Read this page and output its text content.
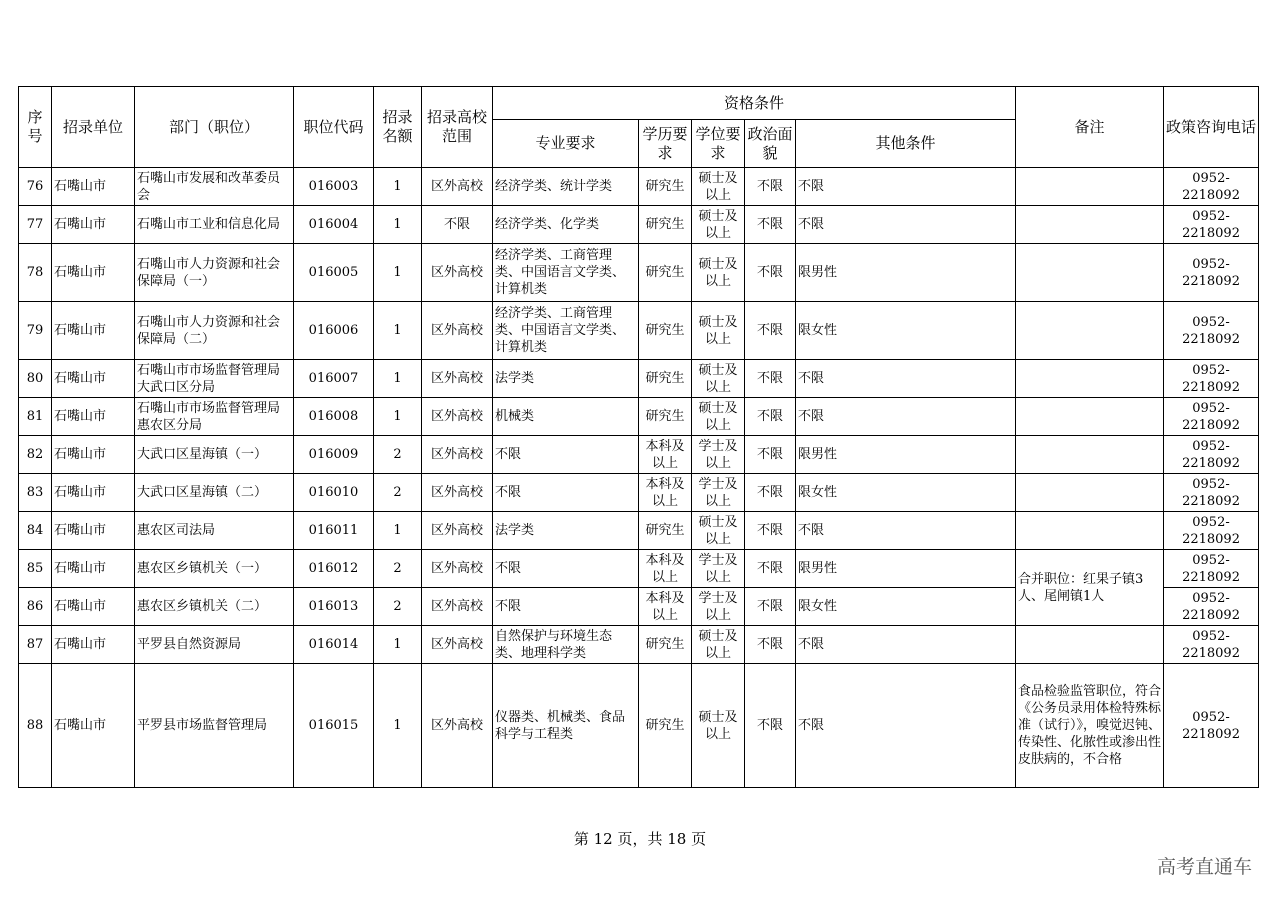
序号	招录单位	部门（职位）	职位代码	招录名额	招录高校范围	资格条件					备注	政策咨询电话
						专业要求	学历要求	学位要求	政治面貌	其他条件		
76	石嘴山市	石嘴山市发展和改革委员会	016003	1	区外高校	经济学类、统计学类	研究生	硕士及以上	不限	不限		0952-2218092
77	石嘴山市	石嘴山市工业和信息化局	016004	1	不限	经济学类、化学类	研究生	硕士及以上	不限	不限		0952-2218092
78	石嘴山市	石嘴山市人力资源和社会保障局（一）	016005	1	区外高校	经济学类、工商管理类、中国语言文学类、计算机类	研究生	硕士及以上	不限	限男性		0952-2218092
79	石嘴山市	石嘴山市人力资源和社会保障局（二）	016006	1	区外高校	经济学类、工商管理类、中国语言文学类、计算机类	研究生	硕士及以上	不限	限女性		0952-2218092
80	石嘴山市	石嘴山市市场监督管理局大武口区分局	016007	1	区外高校	法学类	研究生	硕士及以上	不限	不限		0952-2218092
81	石嘴山市	石嘴山市市场监督管理局惠农区分局	016008	1	区外高校	机械类	研究生	硕士及以上	不限	不限		0952-2218092
82	石嘴山市	大武口区星海镇（一）	016009	2	区外高校	不限	本科及以上	学士及以上	不限	限男性		0952-2218092
83	石嘴山市	大武口区星海镇（二）	016010	2	区外高校	不限	本科及以上	学士及以上	不限	限女性		0952-2218092
84	石嘴山市	惠农区司法局	016011	1	区外高校	法学类	研究生	硕士及以上	不限	不限		0952-2218092
85	石嘴山市	惠农区乡镇机关（一）	016012	2	区外高校	不限	本科及以上	学士及以上	不限	限男性	合并职位：红果子镇3人、尾闸镇1人	0952-2218092
86	石嘴山市	惠农区乡镇机关（二）	016013	2	区外高校	不限	本科及以上	学士及以上	不限	限女性		0952-2218092
87	石嘴山市	平罗县自然资源局	016014	1	区外高校	自然保护与环境生态类、地理科学类	研究生	硕士及以上	不限	不限		0952-2218092
88	石嘴山市	平罗县市场监督管理局	016015	1	区外高校	仪器类、机械类、食品科学与工程类	研究生	硕士及以上	不限	不限	食品检验监管职位，符合《公务员录用体检特殊标准（试行）》，嗅觉迟钝、传染性、化脓性或渗出性皮肤病的，不合格	0952-2218092
第 12 页，共 18 页
高考直通车
